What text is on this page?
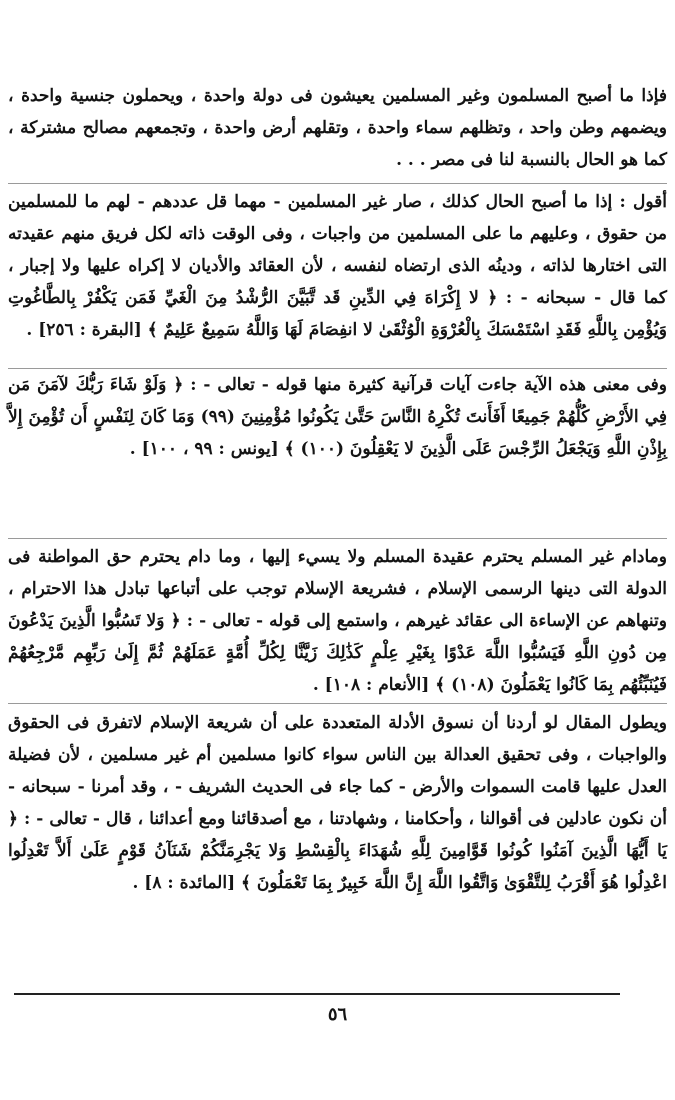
فإذا ما أصبح المسلمون وغير المسلمين يعيشون فى دولة واحدة ، ويحملون جنسية واحدة ، ويضمهم وطن واحد ، وتظلهم سماء واحدة ، وتقلهم أرض واحدة ، وتجمعهم مصالح مشتركة ، كما هو الحال بالنسبة لنا فى مصر . . .

أقول : إذا ما أصبح الحال كذلك ، صار غير المسلمين - مهما قل عددهم - لهم ما للمسلمين من حقوق ، وعليهم ما على المسلمين من واجبات ، وفى الوقت ذاته لكل فريق منهم عقيدته التى اختارها لذاته ، ودينُه الذى ارتضاه لنفسه ، لأن العقائد والأديان لا إكراه عليها ولا إجبار ، كما قال - سبحانه - : ﴿ لا إِكْرَاهَ فِي الدِّينِ قَد تَّبَيَّنَ الرُّشْدُ مِنَ الْغَيِّ فَمَن يَكْفُرْ بِالطَّاغُوتِ وَيُؤْمِن بِاللَّهِ فَقَدِ اسْتَمْسَكَ بِالْعُرْوَةِ الْوُثْقَىٰ لا انفِصَامَ لَهَا وَاللَّهُ سَمِيعٌ عَلِيمٌ ﴾ [البقرة : ٢٥٦] .

وفى معنى هذه الآية جاءت آيات قرآنية كثيرة منها قوله - تعالى - : ﴿ وَلَوْ شَاءَ رَبُّكَ لآمَنَ مَن فِي الأَرْضِ كُلُّهُمْ جَمِيعًا أَفَأَنتَ تُكْرِهُ النَّاسَ حَتَّىٰ يَكُونُوا مُؤْمِنِينَ (٩٩) وَمَا كَانَ لِنَفْسٍ أَن تُؤْمِنَ إِلاَّ بِإِذْنِ اللَّهِ وَيَجْعَلُ الرِّجْسَ عَلَى الَّذِينَ لا يَعْقِلُونَ (١٠٠) ﴾ [يونس : ٩٩ ، ١٠٠] .

ومادام غير المسلم يحترم عقيدة المسلم ولا يسيء إليها ، وما دام يحترم حق المواطنة فى الدولة التى دينها الرسمى الإسلام ، فشريعة الإسلام توجب على أتباعها تبادل هذا الاحترام ، وتنهاهم عن الإساءة الى عقائد غيرهم ، واستمع إلى قوله - تعالى - : ﴿ وَلا تَسُبُّوا الَّذِينَ يَدْعُونَ مِن دُونِ اللَّهِ فَيَسُبُّوا اللَّهَ عَدْوًا بِغَيْرِ عِلْمٍ كَذَٰلِكَ زَيَّنَّا لِكُلِّ أُمَّةٍ عَمَلَهُمْ ثُمَّ إِلَىٰ رَبِّهِم مَّرْجِعُهُمْ فَيُنَبِّئُهُم بِمَا كَانُوا يَعْمَلُونَ (١٠٨) ﴾ [الأنعام : ١٠٨] .

ويطول المقال لو أردنا أن نسوق الأدلة المتعددة على أن شريعة الإسلام لاتفرق فى الحقوق والواجبات ، وفى تحقيق العدالة بين الناس سواء كانوا مسلمين أم غير مسلمين ، لأن فضيلة العدل عليها قامت السموات والأرض - كما جاء فى الحديث الشريف - ، وقد أمرنا - سبحانه - أن نكون عادلين فى أقوالنا ، وأحكامنا ، وشهادتنا ، مع أصدقائنا ومع أعدائنا ، قال - تعالى - : ﴿ يَا أَيُّهَا الَّذِينَ آمَنُوا كُونُوا قَوَّامِينَ لِلَّهِ شُهَدَاءَ بِالْقِسْطِ وَلا يَجْرِمَنَّكُمْ شَنَآنُ قَوْمٍ عَلَىٰ أَلاَّ تَعْدِلُوا اعْدِلُوا هُوَ أَقْرَبُ لِلتَّقْوَىٰ وَاتَّقُوا اللَّهَ إِنَّ اللَّهَ خَبِيرٌ بِمَا تَعْمَلُونَ ﴾ [المائدة : ٨] .

٥٦
